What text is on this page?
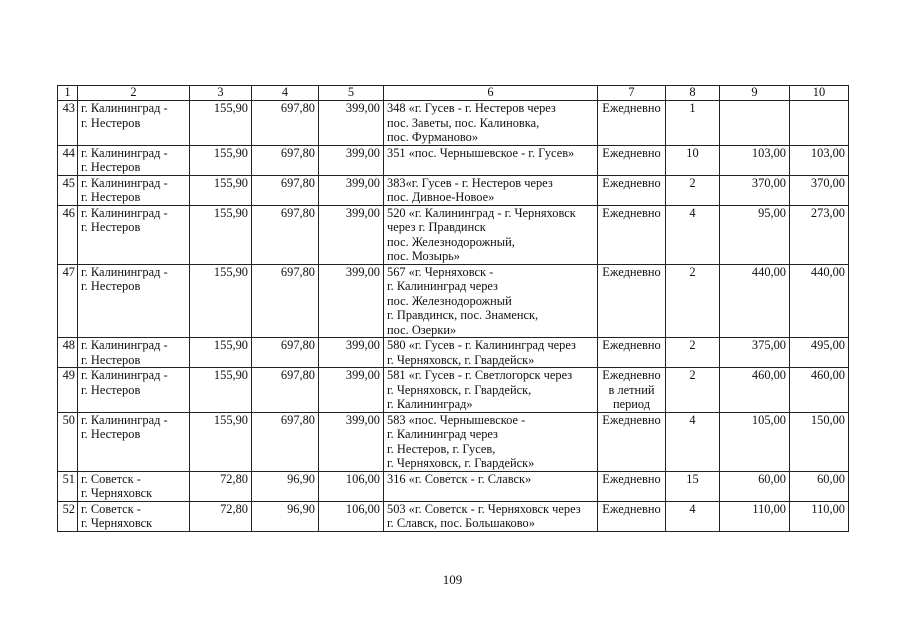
1	2	3	4	5	6	7	8	9	10
43	г. Калининград -
г. Нестеров	155,90	697,80	399,00	348 «г. Гусев - г. Нестеров через
пос. Заветы, пос. Калиновка,
пос. Фурманово»	Ежедневно	1		
44	г. Калининград -
г. Нестеров	155,90	697,80	399,00	351 «пос. Чернышевское - г. Гусев»	Ежедневно	10	103,00	103,00
45	г. Калининград -
г. Нестеров	155,90	697,80	399,00	383«г. Гусев - г. Нестеров через
пос. Дивное-Новое»	Ежедневно	2	370,00	370,00
46	г. Калининград -
г. Нестеров	155,90	697,80	399,00	520 «г. Калининград - г. Черняховск
через г. Правдинск
пос. Железнодорожный,
пос. Мозырь»	Ежедневно	4	95,00	273,00
47	г. Калининград -
г. Нестеров	155,90	697,80	399,00	567 «г. Черняховск -
г. Калининград через
пос. Железнодорожный
г. Правдинск, пос. Знаменск,
пос. Озерки»	Ежедневно	2	440,00	440,00
48	г. Калининград -
г. Нестеров	155,90	697,80	399,00	580 «г. Гусев - г. Калининград через
г. Черняховск, г. Гвардейск»	Ежедневно	2	375,00	495,00
49	г. Калининград -
г. Нестеров	155,90	697,80	399,00	581 «г. Гусев - г. Светлогорск через
г. Черняховск, г. Гвардейск,
г. Калининград»	Ежедневно
в летний
период	2	460,00	460,00
50	г. Калининград -
г. Нестеров	155,90	697,80	399,00	583 «пос. Чернышевское -
г. Калининград через
г. Нестеров, г. Гусев,
г. Черняховск, г. Гвардейск»	Ежедневно	4	105,00	150,00
51	г. Советск -
г. Черняховск	72,80	96,90	106,00	316 «г. Советск - г. Славск»	Ежедневно	15	60,00	60,00
52	г. Советск -
г. Черняховск	72,80	96,90	106,00	503 «г. Советск - г. Черняховск через
г. Славск, пос. Большаково»	Ежедневно	4	110,00	110,00
109
